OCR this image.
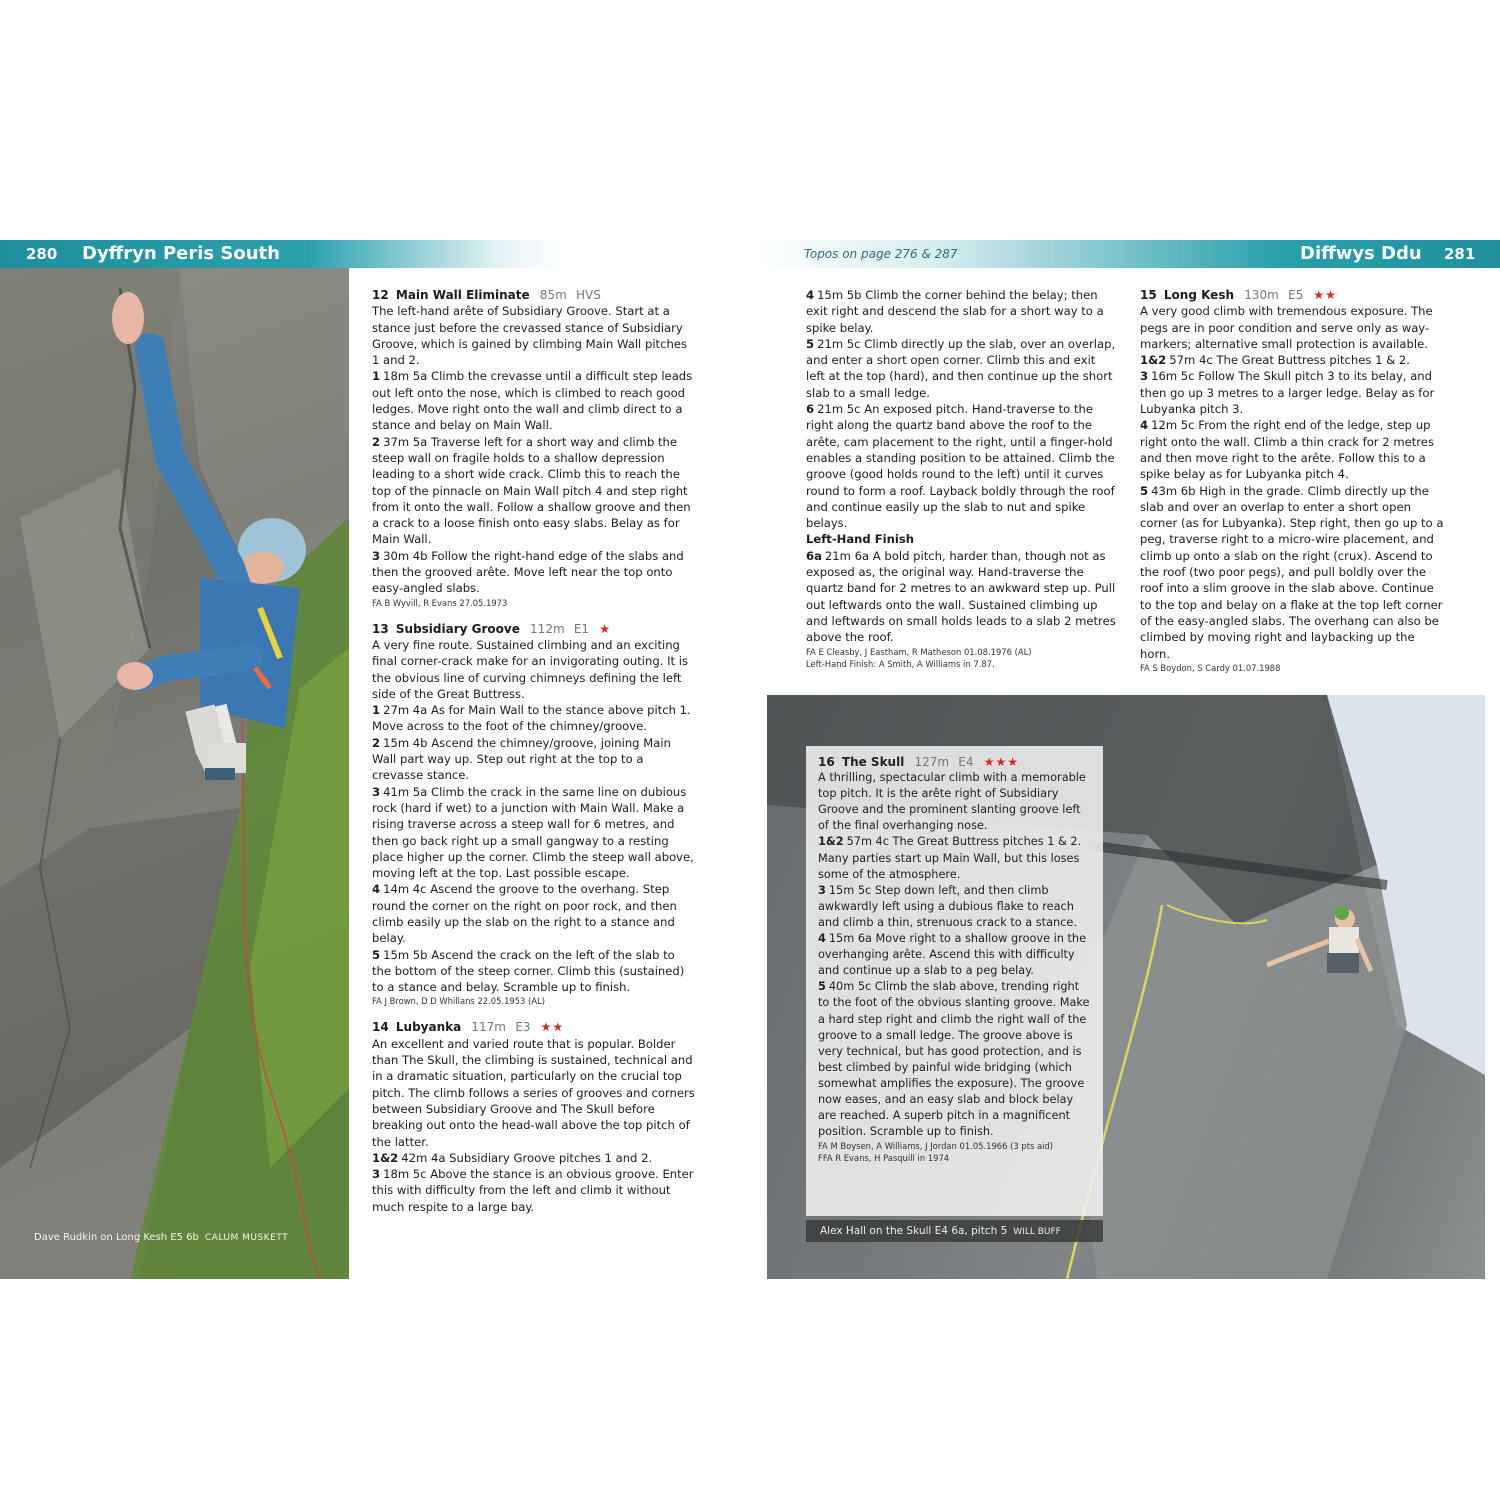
280 Dyffryn Peris South	Topos on page 276 & 287	Diffwys Ddu 281
Dave Rudkin on Long Kesh E5 6b CALUM MUSKETT
12 Main Wall Eliminate 85m HVS
The left-hand arête of Subsidiary Groove. Start at a stance just before the crevassed stance of Subsidiary Groove, which is gained by climbing Main Wall pitches 1 and 2.
1 18m 5a Climb the crevasse until a difficult step leads out left onto the nose, which is climbed to reach good ledges. Move right onto the wall and climb direct to a stance and belay on Main Wall.
2 37m 5a Traverse left for a short way and climb the steep wall on fragile holds to a shallow depression leading to a short wide crack. Climb this to reach the top of the pinnacle on Main Wall pitch 4 and step right from it onto the wall. Follow a shallow groove and then a crack to a loose finish onto easy slabs. Belay as for Main Wall.
3 30m 4b Follow the right-hand edge of the slabs and then the grooved arête. Move left near the top onto easy-angled slabs.
FA B Wyvill, R Evans 27.05.1973
13 Subsidiary Groove 112m E1 ★
A very fine route. Sustained climbing and an exciting final corner-crack make for an invigorating outing. It is the obvious line of curving chimneys defining the left side of the Great Buttress.
1 27m 4a As for Main Wall to the stance above pitch 1. Move across to the foot of the chimney/groove.
2 15m 4b Ascend the chimney/groove, joining Main Wall part way up. Step out right at the top to a crevasse stance.
3 41m 5a Climb the crack in the same line on dubious rock (hard if wet) to a junction with Main Wall. Make a rising traverse across a steep wall for 6 metres, and then go back right up a small gangway to a resting place higher up the corner. Climb the steep wall above, moving left at the top. Last possible escape.
4 14m 4c Ascend the groove to the overhang. Step round the corner on the right on poor rock, and then climb easily up the slab on the right to a stance and belay.
5 15m 5b Ascend the crack on the left of the slab to the bottom of the steep corner. Climb this (sustained) to a stance and belay. Scramble up to finish.
FA J Brown, D D Whillans 22.05.1953 (AL)
14 Lubyanka 117m E3 ★★
An excellent and varied route that is popular. Bolder than The Skull, the climbing is sustained, technical and in a dramatic situation, particularly on the crucial top pitch. The climb follows a series of grooves and corners between Subsidiary Groove and The Skull before breaking out onto the head-wall above the top pitch of the latter.
1&2 42m 4a Subsidiary Groove pitches 1 and 2.
3 18m 5c Above the stance is an obvious groove. Enter this with difficulty from the left and climb it without much respite to a large bay.
4 15m 5b Climb the corner behind the belay; then exit right and descend the slab for a short way to a spike belay.
5 21m 5c Climb directly up the slab, over an overlap, and enter a short open corner. Climb this and exit left at the top (hard), and then continue up the short slab to a small ledge.
6 21m 5c An exposed pitch. Hand-traverse to the right along the quartz band above the roof to the arête, cam placement to the right, until a finger-hold enables a standing position to be attained. Climb the groove (good holds round to the left) until it curves round to form a roof. Layback boldly through the roof and continue easily up the slab to nut and spike belays.
Left-Hand Finish
6a 21m 6a A bold pitch, harder than, though not as exposed as, the original way. Hand-traverse the quartz band for 2 metres to an awkward step up. Pull out leftwards onto the wall. Sustained climbing up and leftwards on small holds leads to a slab 2 metres above the roof.
FA E Cleasby, J Eastham, R Matheson 01.08.1976 (AL)
Left-Hand Finish: A Smith, A Williams in 7.87.
15 Long Kesh 130m E5 ★★
A very good climb with tremendous exposure. The pegs are in poor condition and serve only as way-markers; alternative small protection is available.
1&2 57m 4c The Great Buttress pitches 1 & 2.
3 16m 5c Follow The Skull pitch 3 to its belay, and then go up 3 metres to a larger ledge. Belay as for Lubyanka pitch 3.
4 12m 5c From the right end of the ledge, step up right onto the wall. Climb a thin crack for 2 metres and then move right to the arête. Follow this to a spike belay as for Lubyanka pitch 4.
5 43m 6b High in the grade. Climb directly up the slab and over an overlap to enter a short open corner (as for Lubyanka). Step right, then go up to a peg, traverse right to a micro-wire placement, and climb up onto a slab on the right (crux). Ascend to the roof (two poor pegs), and pull boldly over the roof into a slim groove in the slab above. Continue to the top and belay on a flake at the top left corner of the easy-angled slabs. The overhang can also be climbed by moving right and laybacking up the horn.
FA S Boydon, S Cardy 01.07.1988
16 The Skull 127m E4 ★★★
A thrilling, spectacular climb with a memorable top pitch. It is the arête right of Subsidiary Groove and the prominent slanting groove left of the final overhanging nose.
1&2 57m 4c The Great Buttress pitches 1 & 2. Many parties start up Main Wall, but this loses some of the atmosphere.
3 15m 5c Step down left, and then climb awkwardly left using a dubious flake to reach and climb a thin, strenuous crack to a stance.
4 15m 6a Move right to a shallow groove in the overhanging arête. Ascend this with difficulty and continue up a slab to a peg belay.
5 40m 5c Climb the slab above, trending right to the foot of the obvious slanting groove. Make a hard step right and climb the right wall of the groove to a small ledge. The groove above is very technical, but has good protection, and is best climbed by painful wide bridging (which somewhat amplifies the exposure). The groove now eases, and an easy slab and block belay are reached. A superb pitch in a magnificent position. Scramble up to finish.
FA M Boysen, A Williams, J Jordan 01.05.1966 (3 pts aid)
FFA R Evans, H Pasquill in 1974
Alex Hall on the Skull E4 6a, pitch 5 WILL BUFF
